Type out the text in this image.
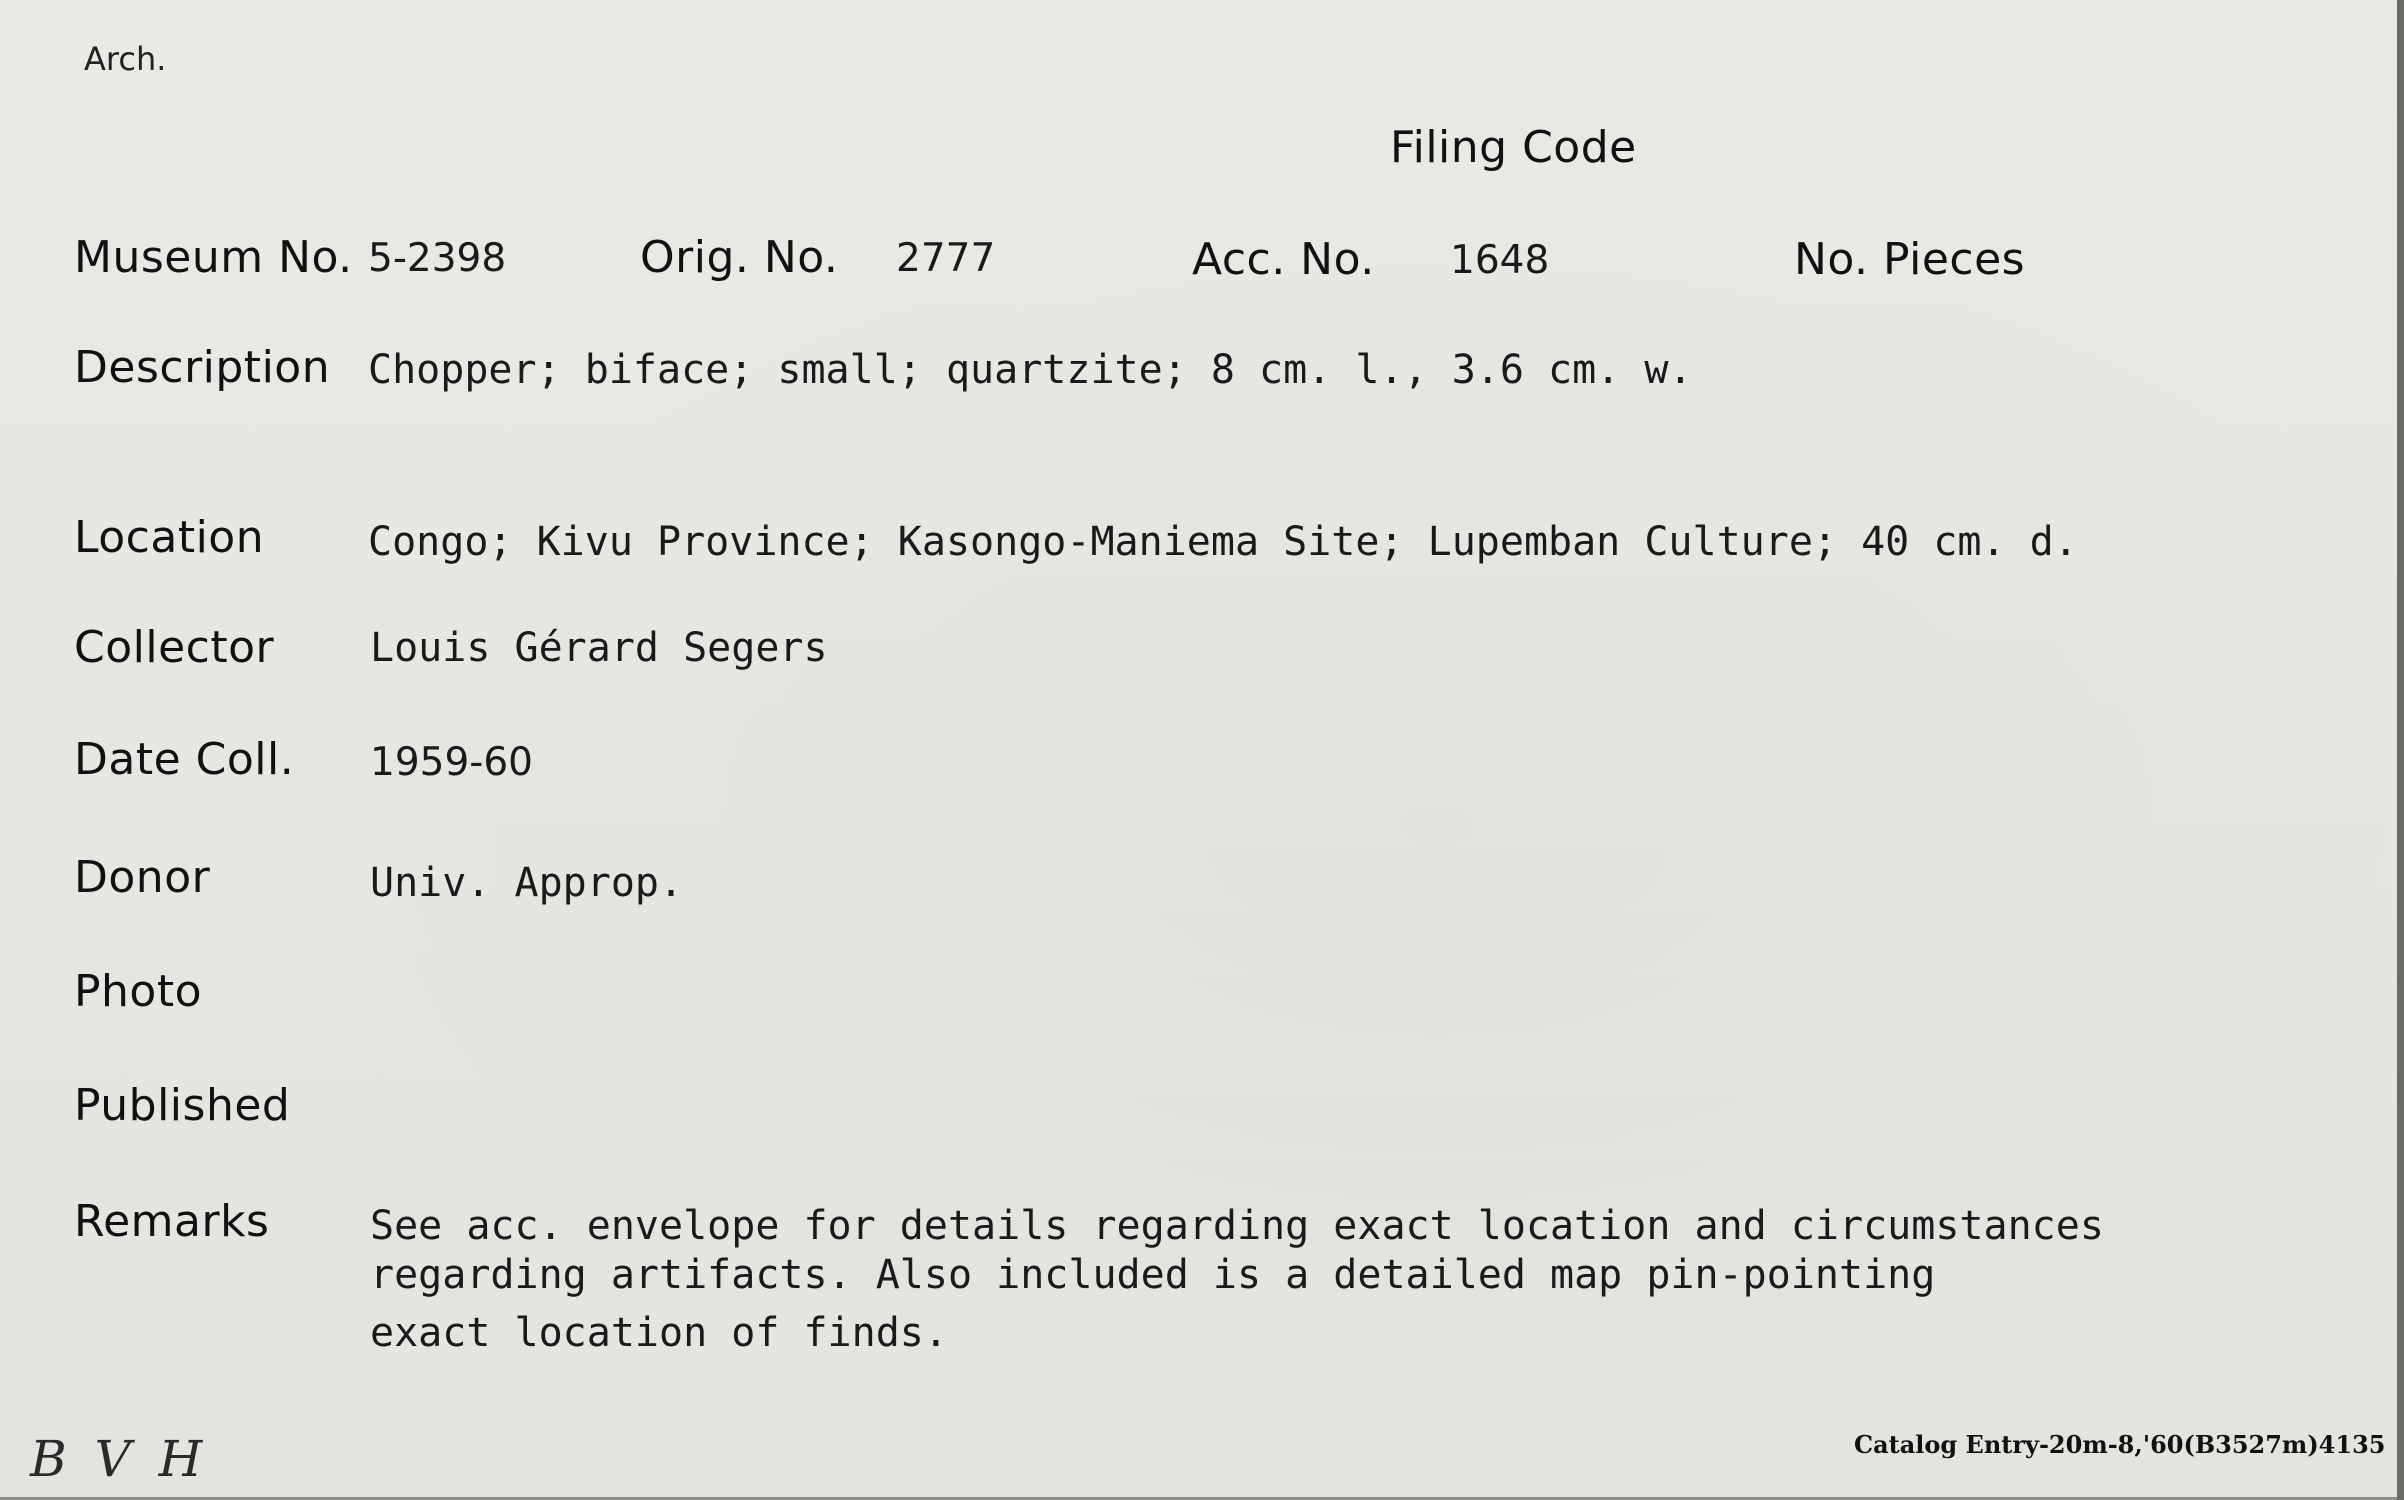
Arch.
Filing Code
Museum No. 5-2398	Orig. No. 2777	Acc. No. 1648	No. Pieces
Description Chopper; biface; small; quartzite; 8 cm. l., 3.6 cm. w.
Location	Congo; Kivu Province; Kasongo-Maniema Site; Lupemban Culture; 40 cm. d.
Collector Louis Gérard Segers
Date Coll. 1959-60
Donor	Univ. Approp.
Photo
Published
Remarks	See acc. envelope for details regarding exact location and circumstances
regarding artifacts. Also included is a detailed map pin-pointing
exact location of finds.
B V H	Catalog Entry-20m-8,'60(B3527m)4135
